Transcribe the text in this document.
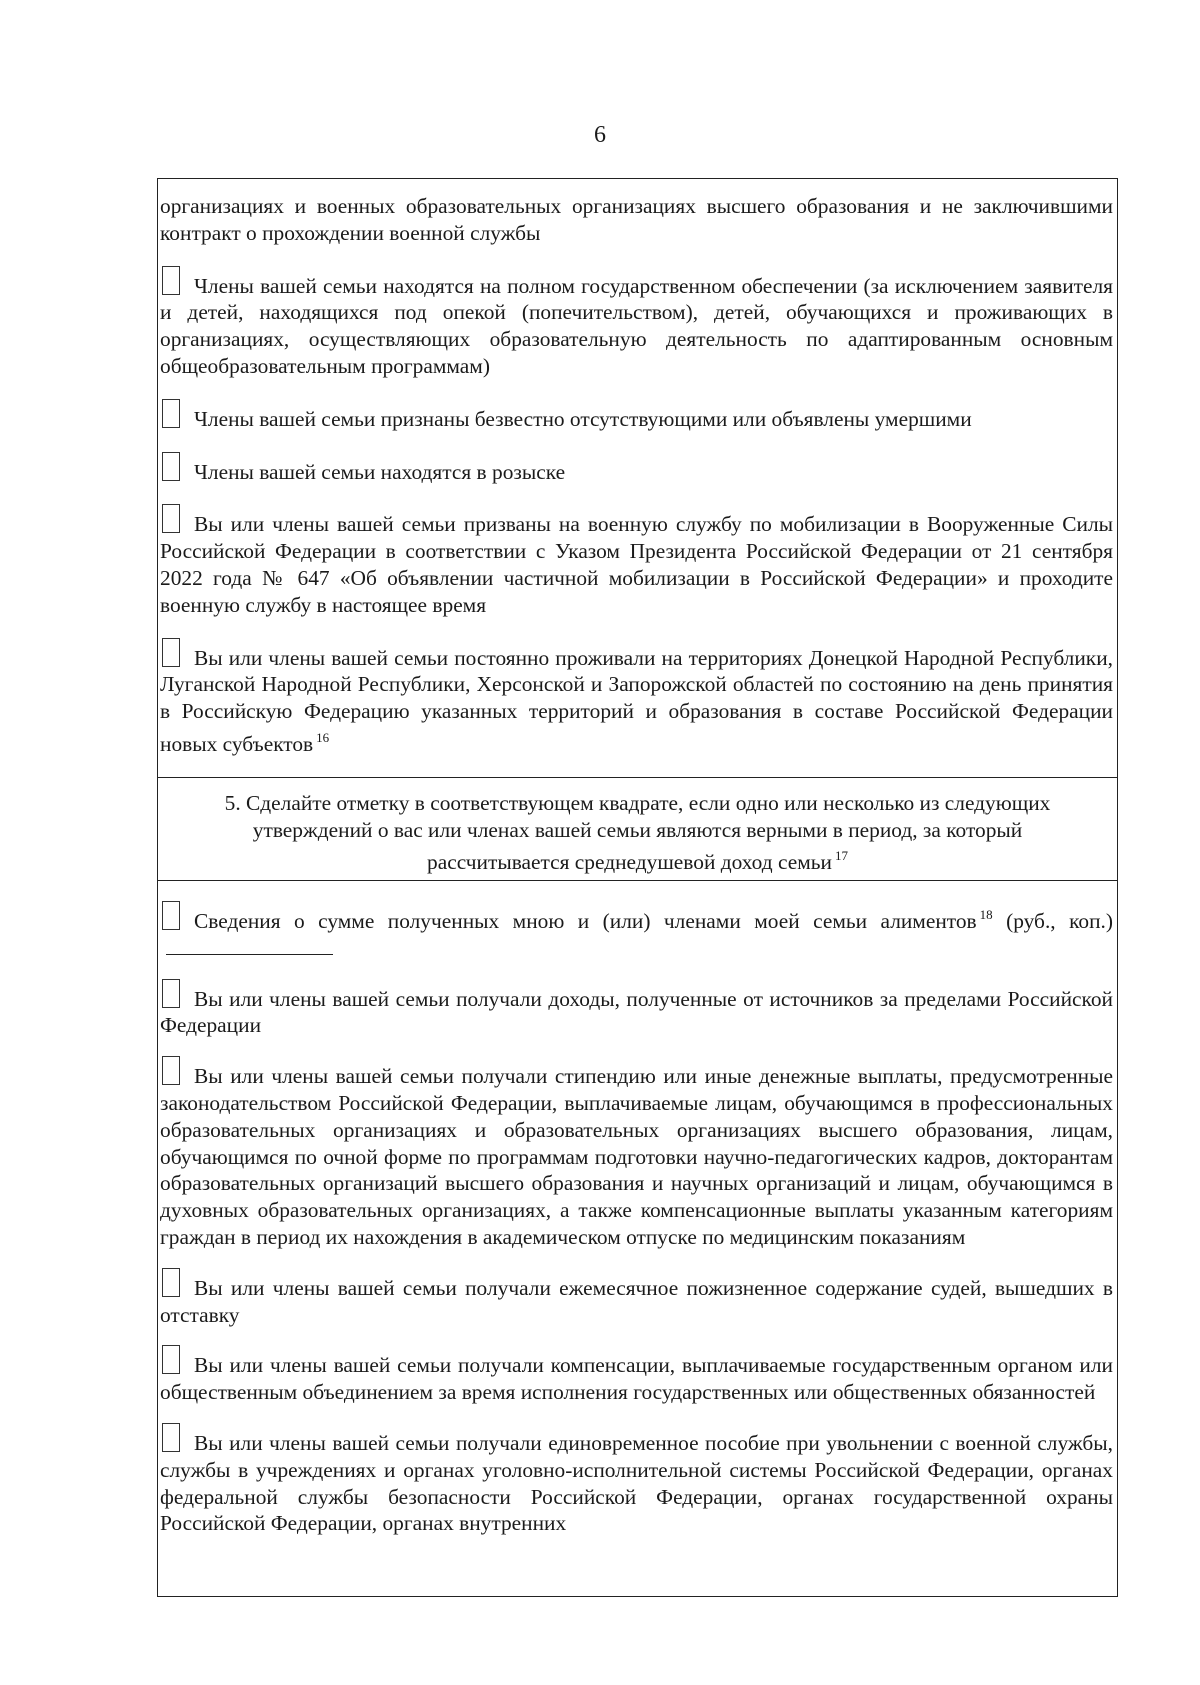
6

организациях и военных образовательных организациях высшего образования и не заключившими контракт о прохождении военной службы

Члены вашей семьи находятся на полном государственном обеспечении (за исключением заявителя и детей, находящихся под опекой (попечительством), детей, обучающихся и проживающих в организациях, осуществляющих образовательную деятельность по адаптированным основным общеобразовательным программам)

Члены вашей семьи признаны безвестно отсутствующими или объявлены умершими

Члены вашей семьи находятся в розыске

Вы или члены вашей семьи призваны на военную службу по мобилизации в Вооруженные Силы Российской Федерации в соответствии с Указом Президента Российской Федерации от 21 сентября 2022 года № 647 «Об объявлении частичной мобилизации в Российской Федерации» и проходите военную службу в настоящее время

Вы или члены вашей семьи постоянно проживали на территориях Донецкой Народной Республики, Луганской Народной Республики, Херсонской и Запорожской областей по состоянию на день принятия в Российскую Федерацию указанных территорий и образования в составе Российской Федерации новых субъектов $^{16}$

5. Сделайте отметку в соответствующем квадрате, если одно или несколько из следующих
утверждений о вас или членах вашей семьи являются верными в период, за который
рассчитывается среднедушевой доход семьи $^{17}$

Сведения о сумме полученных мною и (или) членами моей семьи алиментов $^{18}$ (руб., коп.)

Вы или члены вашей семьи получали доходы, полученные от источников за пределами Российской Федерации

Вы или члены вашей семьи получали стипендию или иные денежные выплаты, предусмотренные законодательством Российской Федерации, выплачиваемые лицам, обучающимся в профессиональных образовательных организациях и образовательных организациях высшего образования, лицам, обучающимся по очной форме по программам подготовки научно-педагогических кадров, докторантам образовательных организаций высшего образования и научных организаций и лицам, обучающимся в духовных образовательных организациях, а также компенсационные выплаты указанным категориям граждан в период их нахождения в академическом отпуске по медицинским показаниям

Вы или члены вашей семьи получали ежемесячное пожизненное содержание судей, вышедших в отставку

Вы или члены вашей семьи получали компенсации, выплачиваемые государственным органом или общественным объединением за время исполнения государственных или общественных обязанностей

Вы или члены вашей семьи получали единовременное пособие при увольнении с военной службы, службы в учреждениях и органах уголовно-исполнительной системы Российской Федерации, органах федеральной службы безопасности Российской Федерации, органах государственной охраны Российской Федерации, органах внутренних
